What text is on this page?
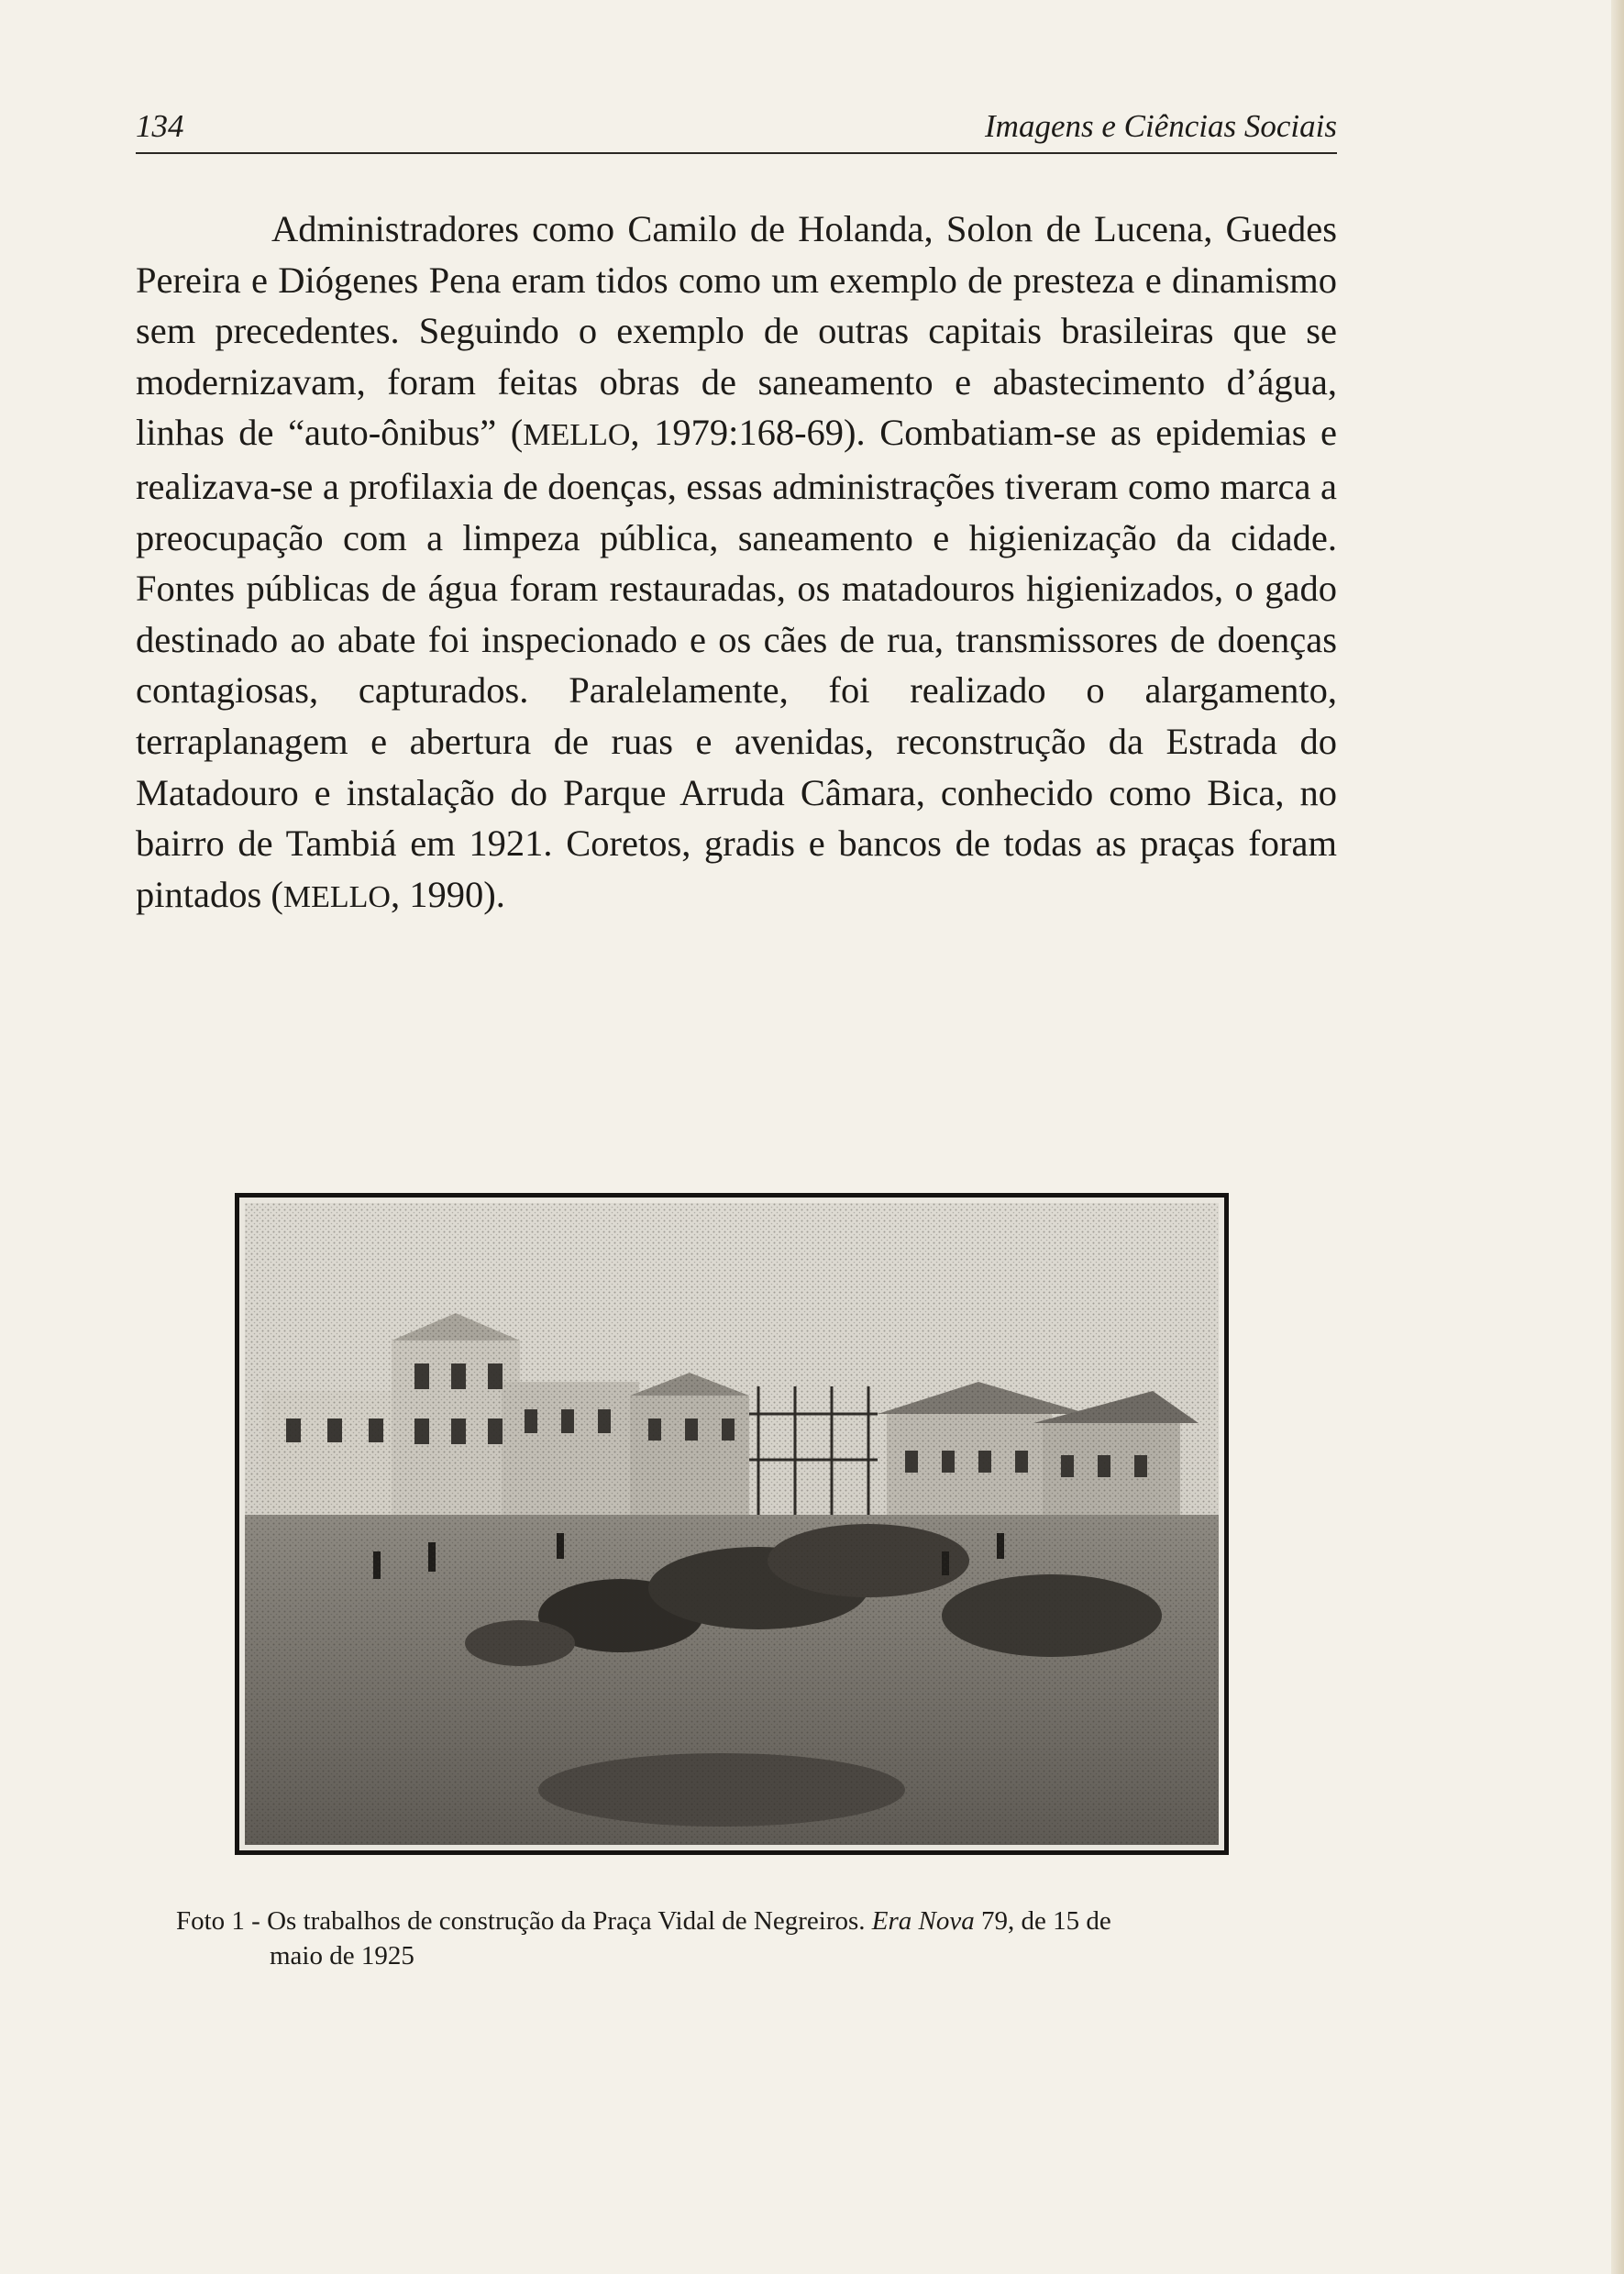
134	Imagens e Ciências Sociais

Administradores como Camilo de Holanda, Solon de Lucena, Guedes Pereira e Diógenes Pena eram tidos como um exemplo de presteza e dinamismo sem precedentes. Seguindo o exemplo de outras capitais brasileiras que se modernizavam, foram feitas obras de saneamento e abastecimento d’água, linhas de “auto-ônibus” (MELLO, 1979:168-69). Combatiam-se as epidemias e realizava-se a profilaxia de doenças, essas administrações tiveram como marca a preocupação com a limpeza pública, saneamento e higienização da cidade. Fontes públicas de água foram restauradas, os matadouros higienizados, o gado destinado ao abate foi inspecionado e os cães de rua, transmissores de doenças contagiosas, capturados. Paralelamente, foi realizado o alargamento, terraplanagem e abertura de ruas e avenidas, reconstrução da Estrada do Matadouro e instalação do Parque Arruda Câmara, conhecido como Bica, no bairro de Tambiá em 1921. Coretos, gradis e bancos de todas as praças foram pintados (MELLO, 1990).

Foto 1 - Os trabalhos de construção da Praça Vidal de Negreiros. Era Nova 79, de 15 de
maio de 1925
